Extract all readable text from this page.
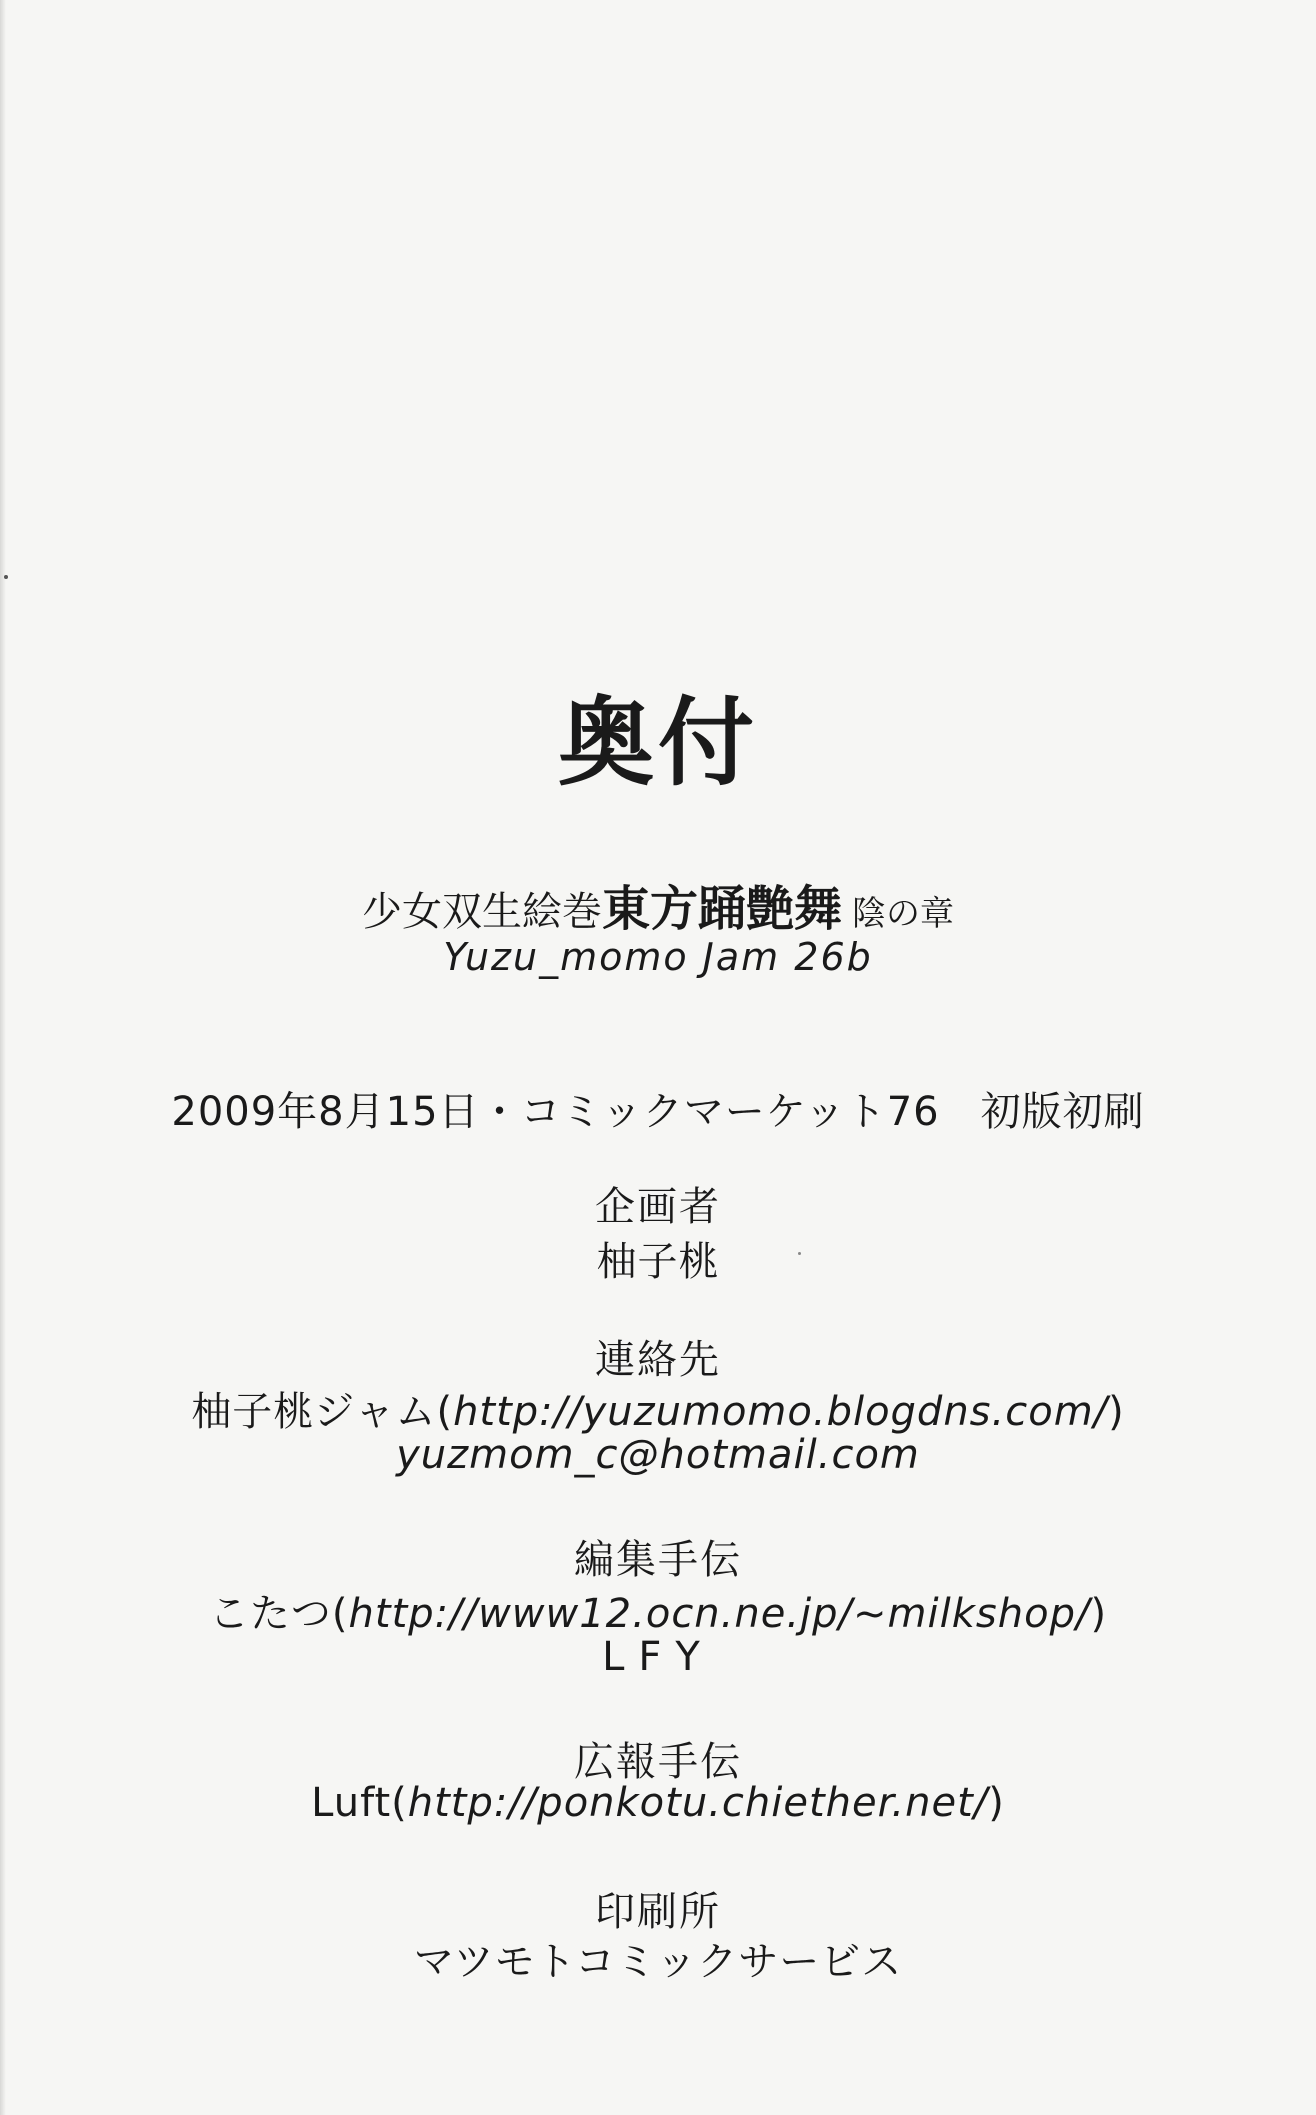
奥付
少女双生絵巻東方踊艶舞 陰の章
Yuzu_momo Jam 26b
2009年8月15日・コミックマーケット76　初版初刷
企画者
柚子桃
連絡先
柚子桃ジャム(http://yuzumomo.blogdns.com/)
yuzmom_c@hotmail.com
編集手伝
こたつ(http://www12.ocn.ne.jp/~milkshop/)
LFY
広報手伝
Luft(http://ponkotu.chiether.net/)
印刷所
マツモトコミックサービス
